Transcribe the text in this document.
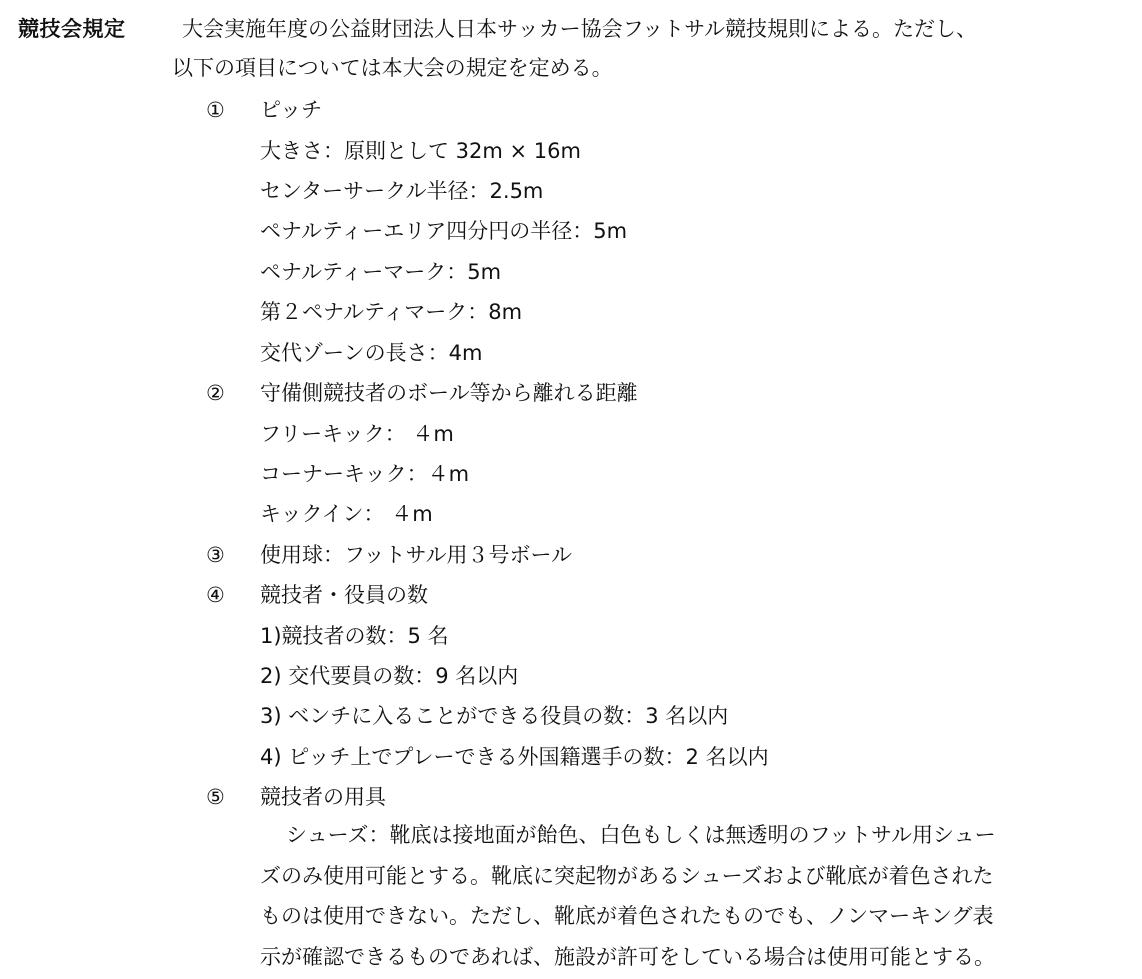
競技会規定	大会実施年度の公益財団法人日本サッカー協会フットサル競技規則による。ただし、
以下の項目については本大会の規定を定める。
①	ピッチ
大きさ：原則として 32m × 16m
センターサークル半径：2.5m
ペナルティーエリア四分円の半径：5m
ペナルティーマーク：5m
第２ペナルティマーク：8m
交代ゾーンの長さ：4m
②	守備側競技者のボール等から離れる距離
フリーキック： ４m
コーナーキック：４m
キックイン： ４m
③	使用球：フットサル用３号ボール
④	競技者・役員の数
1)競技者の数：5 名
2) 交代要員の数：9 名以内
3) ベンチに入ることができる役員の数：3 名以内
4) ピッチ上でプレーできる外国籍選手の数：2 名以内
⑤	競技者の用具
シューズ：靴底は接地面が飴色、白色もしくは無透明のフットサル用シュー
ズのみ使用可能とする。靴底に突起物があるシューズおよび靴底が着色された
ものは使用できない。ただし、靴底が着色されたものでも、ノンマーキング表
示が確認できるものであれば、施設が許可をしている場合は使用可能とする。
